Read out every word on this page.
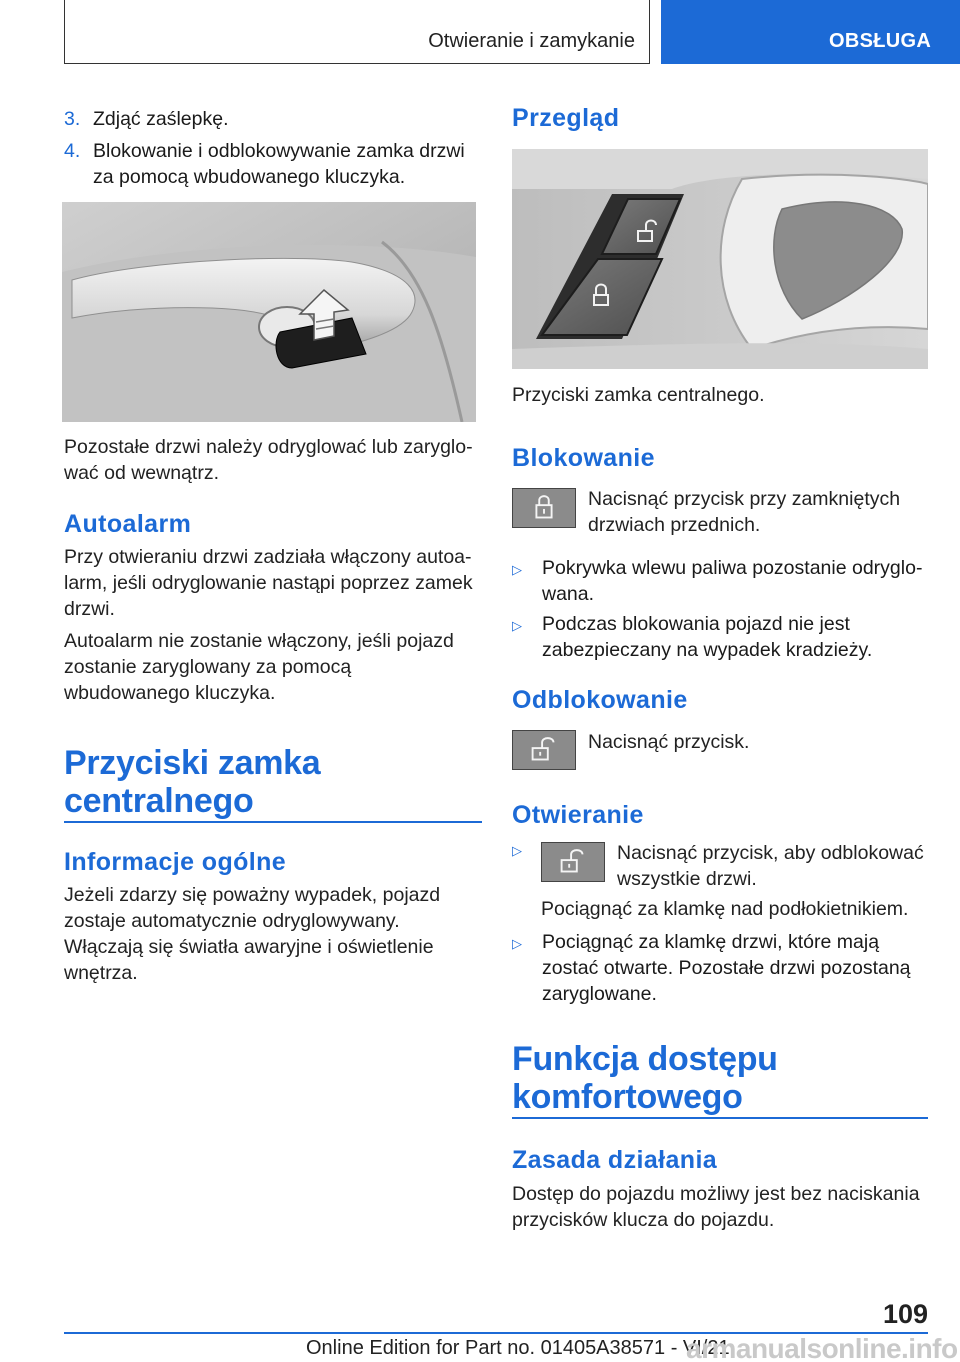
Otwieranie i zamykanie	OBSŁUGA
3. Zdjąć zaślepkę.
4. Blokowanie i odblokowywanie zamka drzwi za pomocą wbudowanego kluczyka.

Pozostałe drzwi należy odryglować lub zaryglować od wewnątrz.

Autoalarm

Przy otwieraniu drzwi zadziała włączony autoalarm, jeśli odryglowanie nastąpi poprzez zamek drzwi.

Autoalarm nie zostanie włączony, jeśli pojazd zostanie zaryglowany za pomocą wbudowanego kluczyka.

Przyciski zamka centralnego
Informacje ogólne

Jeżeli zdarzy się poważny wypadek, pojazd zostaje automatycznie odryglowywany. Włączają się światła awaryjne i oświetlenie wnętrza.

Przegląd

Przyciski zamka centralnego.

Blokowanie

Nacisnąć przycisk przy zamkniętych drzwiach przednich.

▷	Pokrywka wlewu paliwa pozostanie odryglowana.
▷	Podczas blokowania pojazd nie jest zabezpieczany na wypadek kradzieży.
Odblokowanie

Nacisnąć przycisk.

Otwieranie
▷	Nacisnąć przycisk, aby odblokować wszystkie drzwi.

Pociągnąć za klamkę nad podłokietnikiem.

▷	Pociągnąć za klamkę drzwi, które mają zostać otwarte. Pozostałe drzwi pozostaną zaryglowane.
Funkcja dostępu komfortowego
Zasada działania

Dostęp do pojazdu możliwy jest bez naciskania przycisków klucza do pojazdu.

109
Online Edition for Part no. 01405A38571 - VI/21
armanualsonline.info
